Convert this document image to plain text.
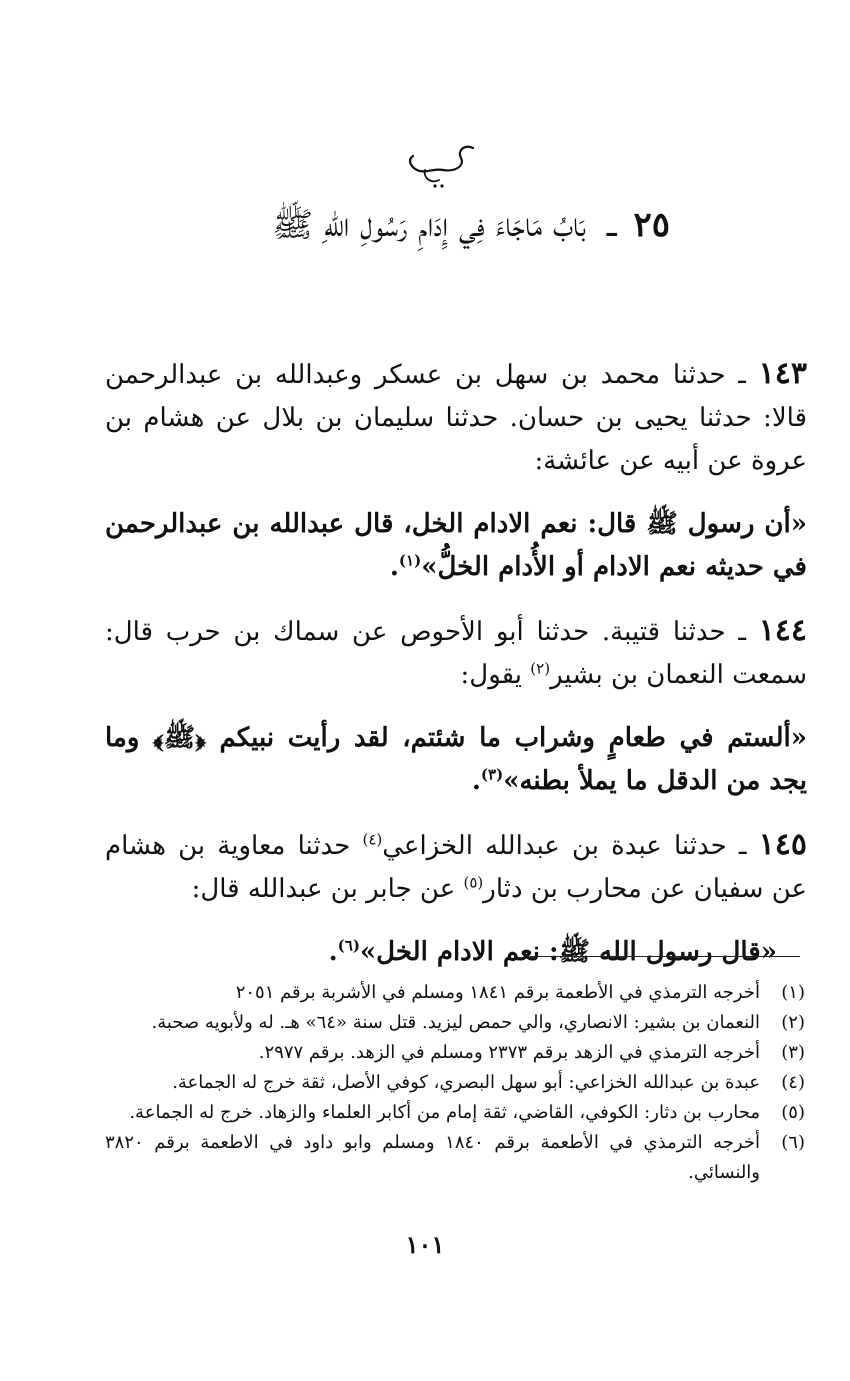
٢٥ ـ بَابُ مَاجَاءَ فِي إِدَامِ رَسُولِ اللهِ ﷺ

١٤٣ ـ حدثنا محمد بن سهل بن عسكر وعبدالله بن عبدالرحمن قالا: حدثنا يحيى بن حسان. حدثنا سليمان بن بلال عن هشام بن عروة عن أبيه عن عائشة:

«أن رسول ﷺ قال: نعم الادام الخل، قال عبدالله بن عبدالرحمن في حديثه نعم الادام أو الأُدام الخلُّ»$^{(١)}$.

١٤٤ ـ حدثنا قتيبة. حدثنا أبو الأحوص عن سماك بن حرب قال: سمعت النعمان بن بشير$^{(٢)}$ يقول:

«ألستم في طعامٍ وشراب ما شئتم، لقد رأيت نبيكم ﴿ﷺ﴾ وما يجد من الدقل ما يملأ بطنه»$^{(٣)}$.

١٤٥ ـ حدثنا عبدة بن عبدالله الخزاعي$^{(٤)}$ حدثنا معاوية بن هشام عن سفيان عن محارب بن دثار$^{(٥)}$ عن جابر بن عبدالله قال:

«قال رسول الله ﷺ: نعم الادام الخل»$^{(٦)}$.

(١)
أخرجه الترمذي في الأطعمة برقم ١٨٤١ ومسلم في الأشربة برقم ٢٠٥١
(٢)
النعمان بن بشير: الانصاري، والي حمص ليزيد. قتل سنة «٦٤» هـ. له ولأبويه صحبة.
(٣)
أخرجه الترمذي في الزهد برقم ٢٣٧٣ ومسلم في الزهد. برقم ٢٩٧٧.
(٤)
عبدة بن عبدالله الخزاعي: أبو سهل البصري، كوفي الأصل، ثقة خرج له الجماعة.
(٥)
محارب بن دثار: الكوفي، القاضي، ثقة إمام من أكابر العلماء والزهاد. خرج له الجماعة.
(٦)
أخرجه الترمذي في الأطعمة برقم ١٨٤٠ ومسلم وابو داود في الاطعمة برقم ٣٨٢٠ والنسائي.
١٠١
